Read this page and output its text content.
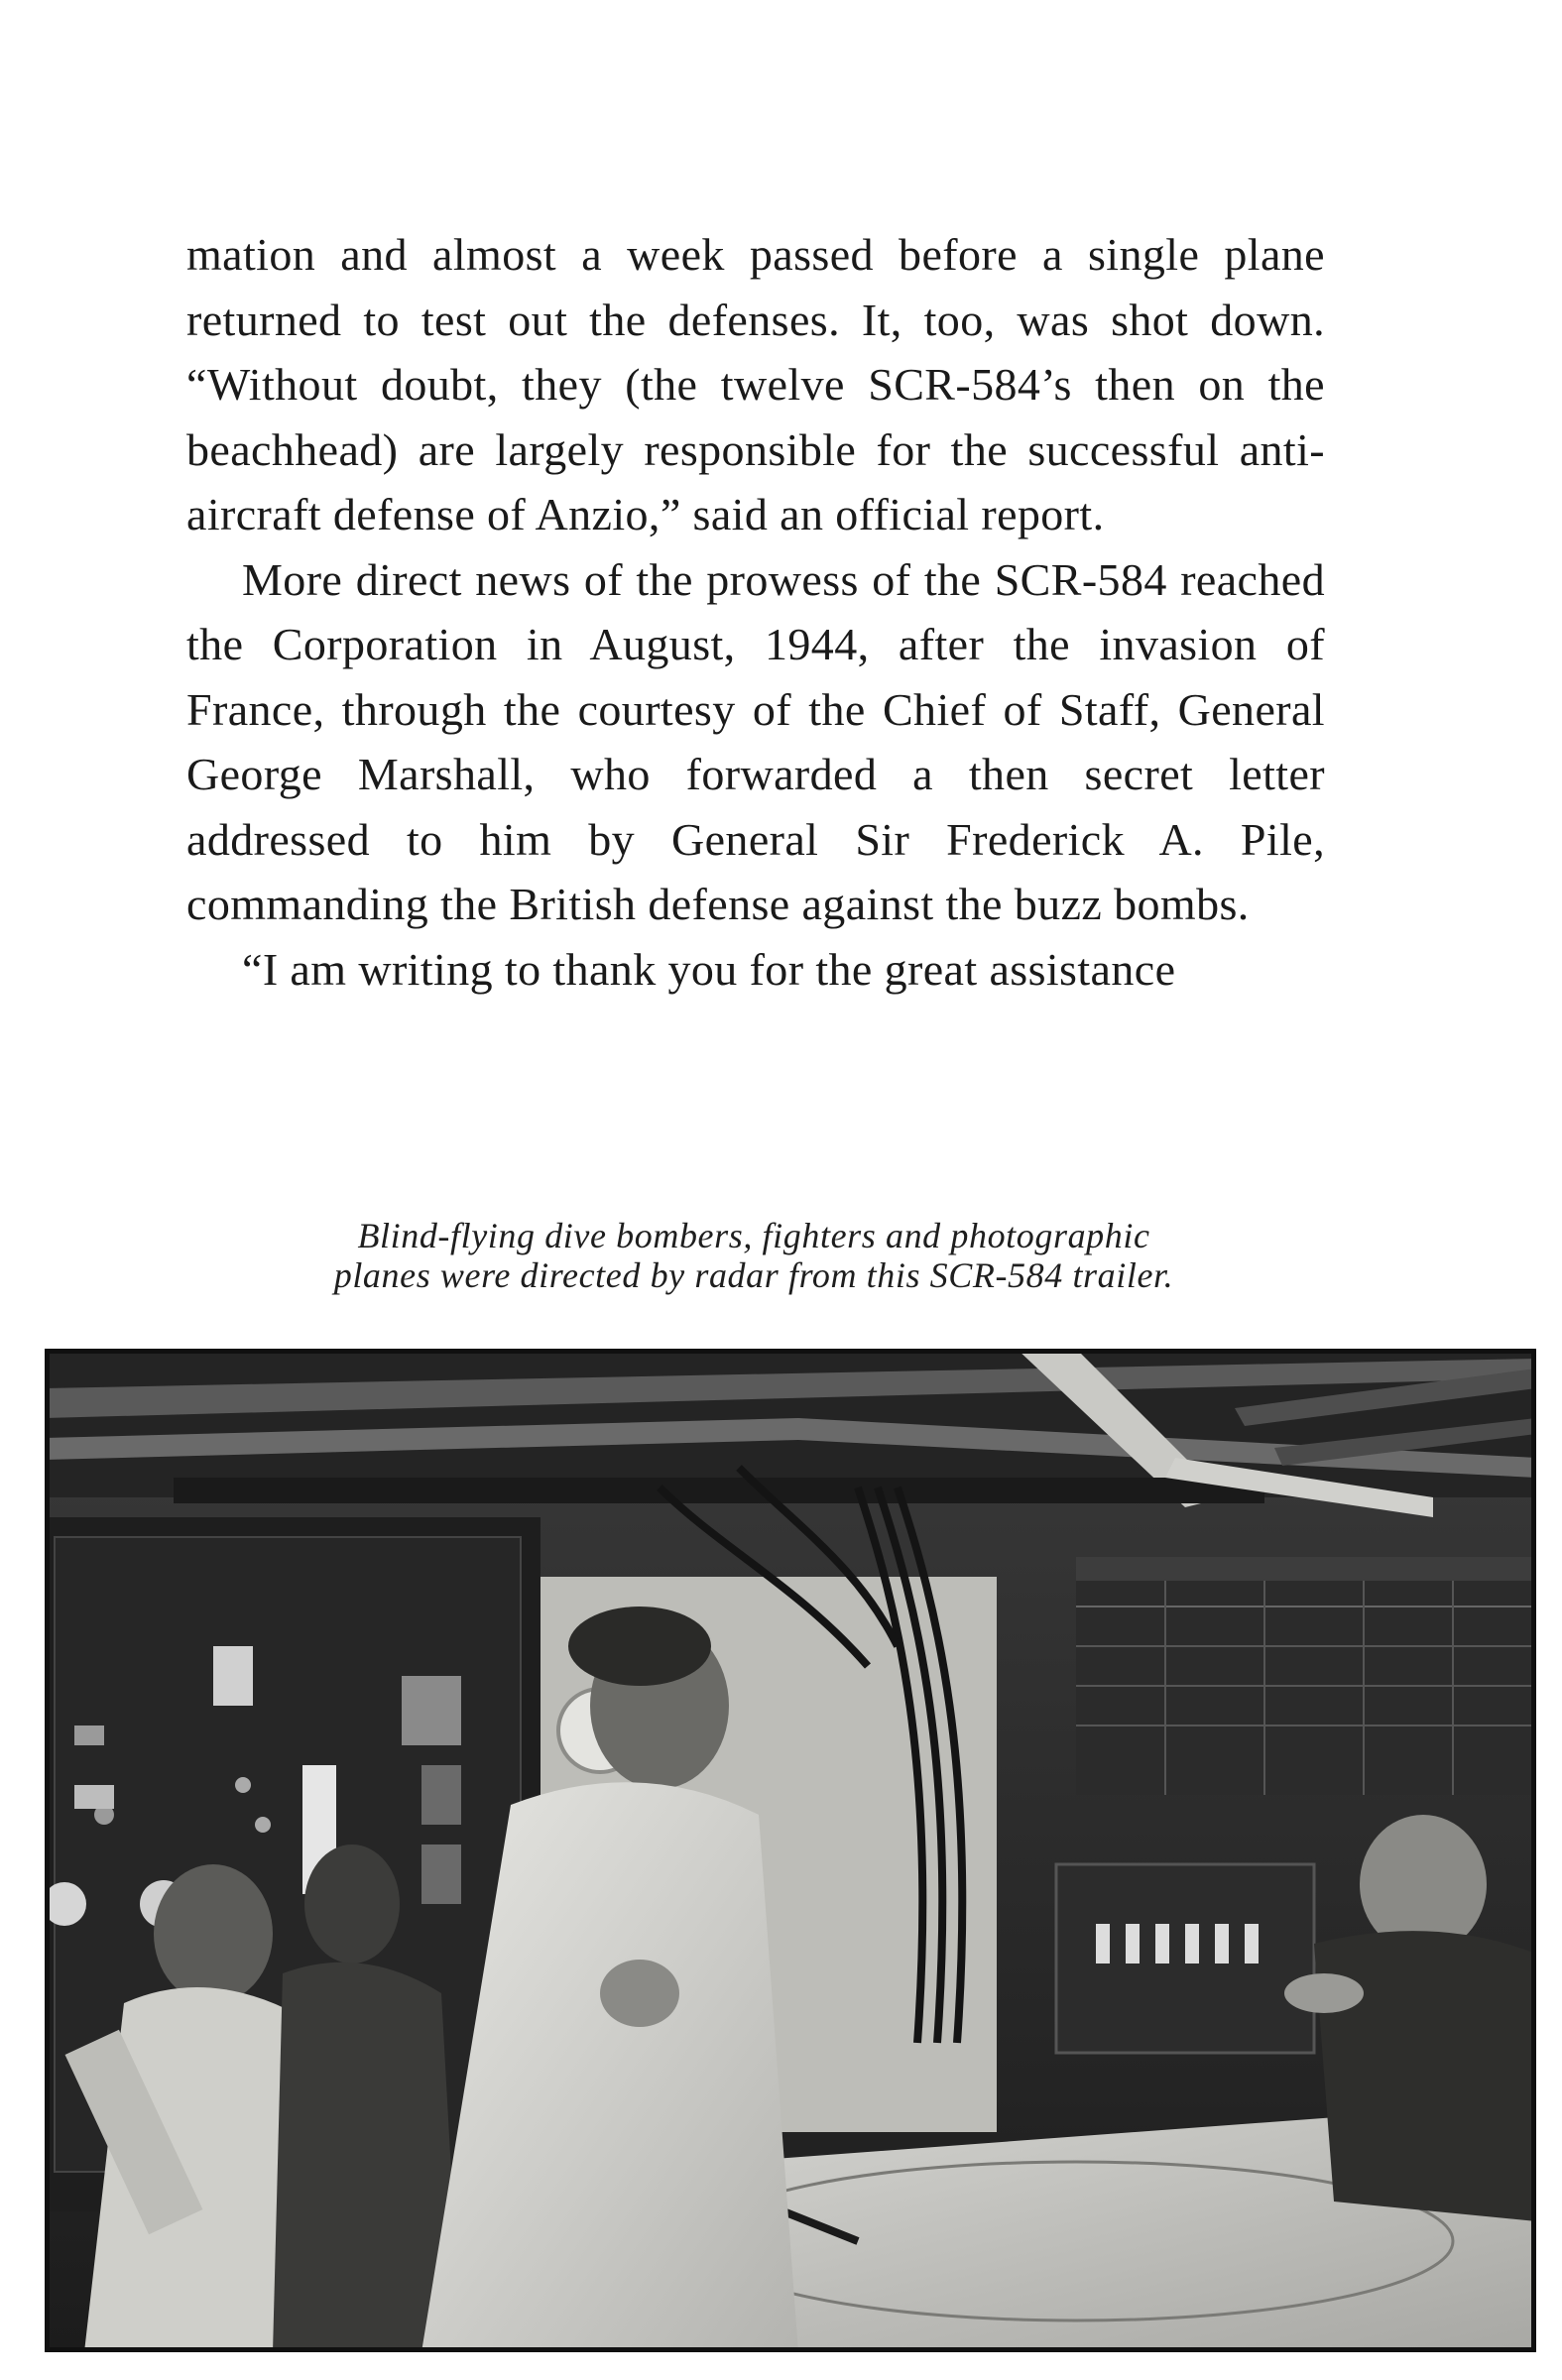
mation and almost a week passed before a single plane returned to test out the defenses. It, too, was shot down. “Without doubt, they (the twelve SCR-584’s then on the beachhead) are largely responsible for the successful anti-aircraft defense of Anzio,” said an official report.

More direct news of the prowess of the SCR-584 reached the Corporation in August, 1944, after the invasion of France, through the courtesy of the Chief of Staff, General George Marshall, who forwarded a then secret letter addressed to him by General Sir Frederick A. Pile, commanding the British defense against the buzz bombs.

“I am writing to thank you for the great assistance

Blind-flying dive bombers, fighters and photographic
planes were directed by radar from this SCR-584 trailer.
